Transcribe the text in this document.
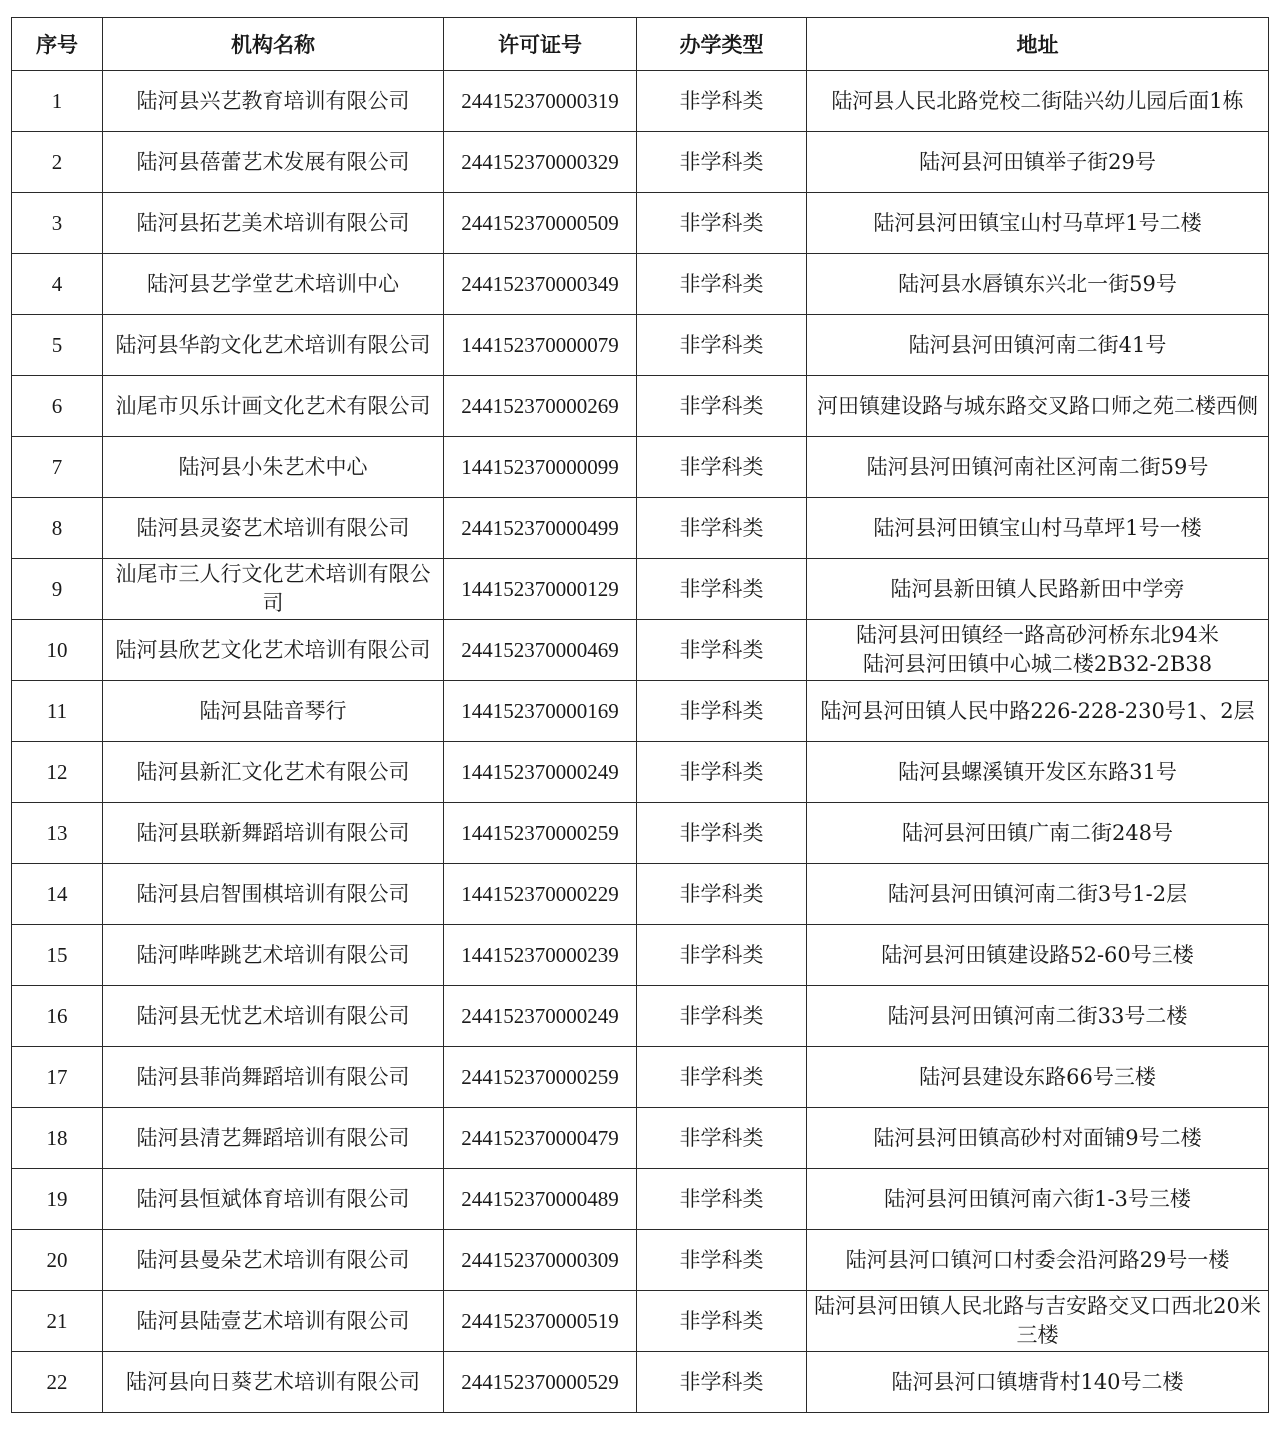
序号	机构名称	许可证号	办学类型	地址
1	陆河县兴艺教育培训有限公司	244152370000319	非学科类	陆河县人民北路党校二街陆兴幼儿园后面1栋
2	陆河县蓓蕾艺术发展有限公司	244152370000329	非学科类	陆河县河田镇举子街29号
3	陆河县拓艺美术培训有限公司	244152370000509	非学科类	陆河县河田镇宝山村马草坪1号二楼
4	陆河县艺学堂艺术培训中心	244152370000349	非学科类	陆河县水唇镇东兴北一街59号
5	陆河县华韵文化艺术培训有限公司	144152370000079	非学科类	陆河县河田镇河南二街41号
6	汕尾市贝乐计画文化艺术有限公司	244152370000269	非学科类	河田镇建设路与城东路交叉路口师之苑二楼西侧
7	陆河县小朱艺术中心	144152370000099	非学科类	陆河县河田镇河南社区河南二街59号
8	陆河县灵姿艺术培训有限公司	244152370000499	非学科类	陆河县河田镇宝山村马草坪1号一楼
9	汕尾市三人行文化艺术培训有限公司	144152370000129	非学科类	陆河县新田镇人民路新田中学旁
10	陆河县欣艺文化艺术培训有限公司	244152370000469	非学科类	陆河县河田镇经一路高砂河桥东北94米
陆河县河田镇中心城二楼2B32-2B38
11	陆河县陆音琴行	144152370000169	非学科类	陆河县河田镇人民中路226-228-230号1、2层
12	陆河县新汇文化艺术有限公司	144152370000249	非学科类	陆河县螺溪镇开发区东路31号
13	陆河县联新舞蹈培训有限公司	144152370000259	非学科类	陆河县河田镇广南二街248号
14	陆河县启智围棋培训有限公司	144152370000229	非学科类	陆河县河田镇河南二街3号1-2层
15	陆河哔哔跳艺术培训有限公司	144152370000239	非学科类	陆河县河田镇建设路52-60号三楼
16	陆河县无忧艺术培训有限公司	244152370000249	非学科类	陆河县河田镇河南二街33号二楼
17	陆河县菲尚舞蹈培训有限公司	244152370000259	非学科类	陆河县建设东路66号三楼
18	陆河县清艺舞蹈培训有限公司	244152370000479	非学科类	陆河县河田镇高砂村对面铺9号二楼
19	陆河县恒斌体育培训有限公司	244152370000489	非学科类	陆河县河田镇河南六街1-3号三楼
20	陆河县曼朵艺术培训有限公司	244152370000309	非学科类	陆河县河口镇河口村委会沿河路29号一楼
21	陆河县陆壹艺术培训有限公司	244152370000519	非学科类	陆河县河田镇人民北路与吉安路交叉口西北20米三楼
22	陆河县向日葵艺术培训有限公司	244152370000529	非学科类	陆河县河口镇塘背村140号二楼
